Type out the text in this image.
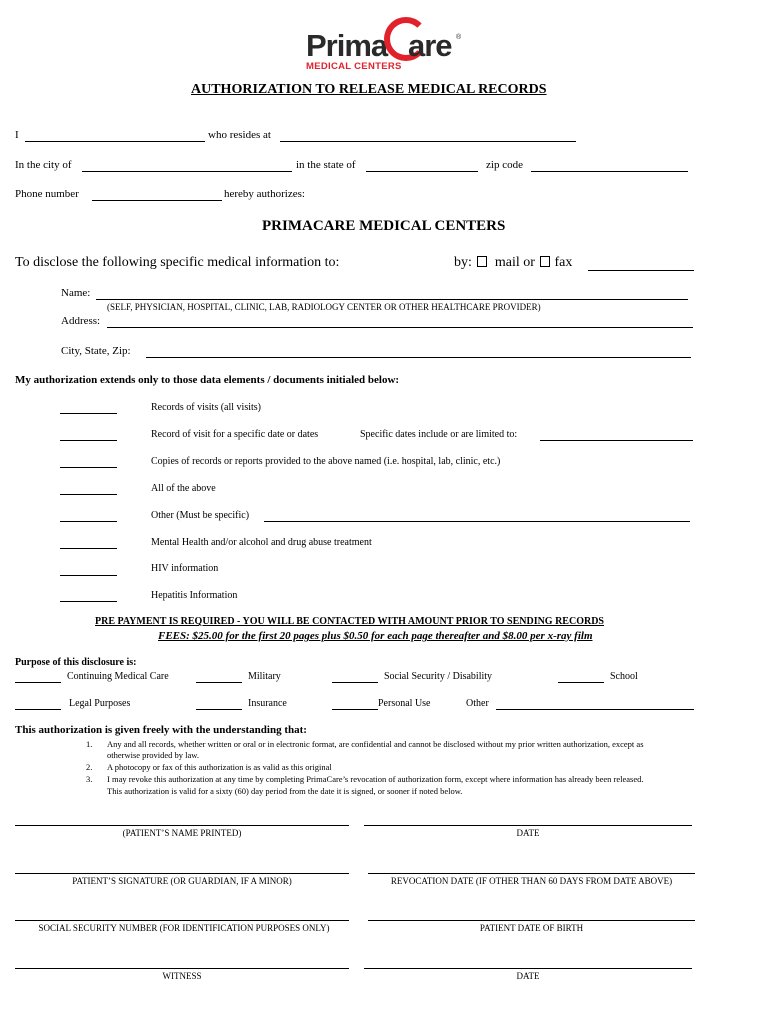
Prima are ®
MEDICAL CENTERS
AUTHORIZATION TO RELEASE MEDICAL RECORDS
I	who resides at
In the city of	in the state of	zip code
Phone number	hereby authorizes:
PRIMACARE MEDICAL CENTERS
To disclose the following specific medical information to:	by: mail or fax
Name:
(SELF, PHYSICIAN, HOSPITAL, CLINIC, LAB, RADIOLOGY CENTER OR OTHER HEALTHCARE PROVIDER)
Address:
City, State, Zip:
My authorization extends only to those data elements / documents initialed below:
Records of visits (all visits)
Record of visit for a specific date or dates	Specific dates include or are limited to:
Copies of records or reports provided to the above named (i.e. hospital, lab, clinic, etc.)
All of the above
Other (Must be specific)
Mental Health and/or alcohol and drug abuse treatment
HIV information
Hepatitis Information
PRE PAYMENT IS REQUIRED - YOU WILL BE CONTACTED WITH AMOUNT PRIOR TO SENDING RECORDS
FEES: $25.00 for the first 20 pages plus $0.50 for each page thereafter and $8.00 per x-ray film
Purpose of this disclosure is:
Continuing Medical Care	Military	Social Security / Disability	School
Legal Purposes	Insurance	Personal Use	Other
This authorization is given freely with the understanding that:
1. Any and all records, whether written or oral or in electronic format, are confidential and cannot be disclosed without my prior written authorization, except as
otherwise provided by law.
2. A photocopy or fax of this authorization is as valid as this original
3. I may revoke this authorization at any time by completing PrimaCare’s revocation of authorization form, except where information has already been released.
This authorization is valid for a sixty (60) day period from the date it is signed, or sooner if noted below.
(PATIENT’S NAME PRINTED)	DATE
PATIENT’S SIGNATURE (OR GUARDIAN, IF A MINOR)	REVOCATION DATE (IF OTHER THAN 60 DAYS FROM DATE ABOVE)
SOCIAL SECURITY NUMBER (FOR IDENTIFICATION PURPOSES ONLY)	PATIENT DATE OF BIRTH
WITNESS	DATE
